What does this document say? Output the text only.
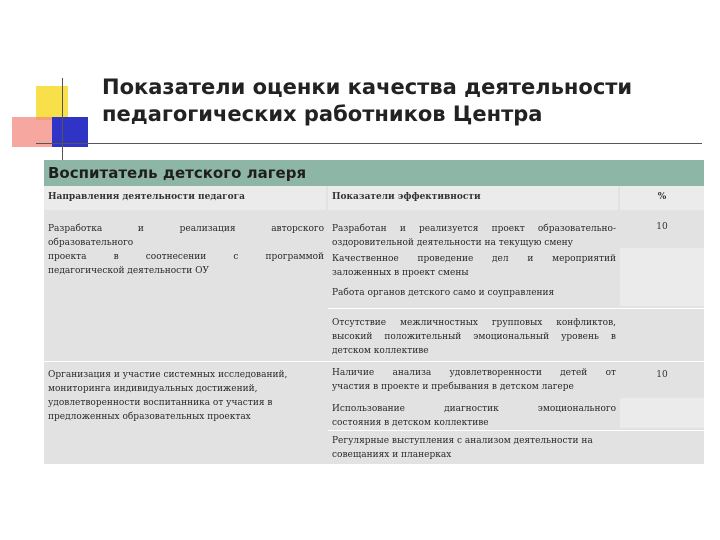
Показатели оценки качества деятельности
педагогических работников Центра
Воспитатель детского лагеря
Направления деятельности педагога	Показатели эффективности	%
Разработка и реализация авторского
образовательного
проекта в соотнесении с программой
педагогической деятельности ОУ
Разработан и реализуется проект образовательно-
оздоровительной деятельности на текущую смену
Качественное проведение дел и мероприятий
заложенных в проект смены
Работа органов детского само и соуправления
Отсутствие межличностных групповых конфликтов,
высокий положительный эмоциональный уровень в
детском коллективе
10
Организация и участие системных исследований,
мониторинга индивидуальных достижений,
удовлетворенности воспитанника от участия в
предложенных образовательных проектах
Наличие анализа удовлетворенности детей от
участия в проекте и пребывания в детском лагере
10
Использование диагностик эмоционального
состояния в детском коллективе
Регулярные выступления с анализом деятельности на
совещаниях и планерках
